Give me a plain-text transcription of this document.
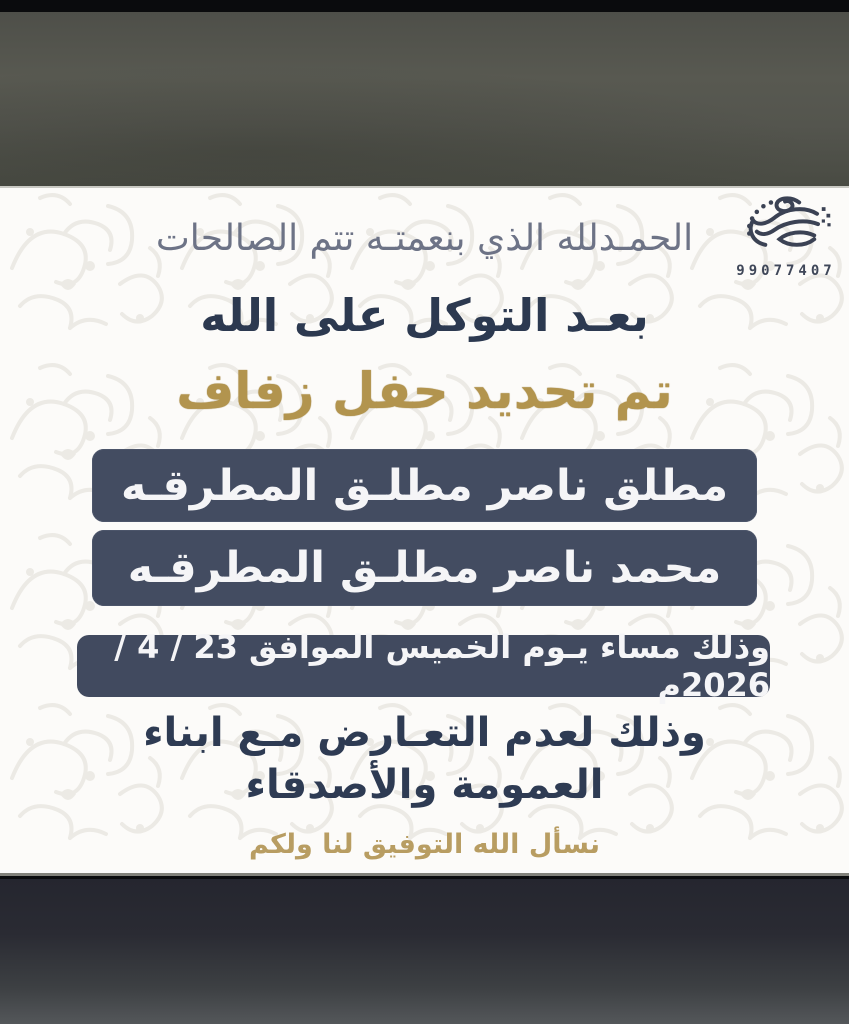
99077407
الحمـدلله الذي بنعمتـه تتم الصالحات
بعـد التوكل على الله
تم تحديد حفل زفاف
مطلق ناصر مطلـق المطرقـه
محمد ناصر مطلـق المطرقـه
وذلك مساء يـوم الخميس الموافق 23 / 4 / 2026م
وذلك لعدم التعـارض مـع ابناء
العمومة والأصدقاء
نسأل الله التوفيق لنا ولكم
